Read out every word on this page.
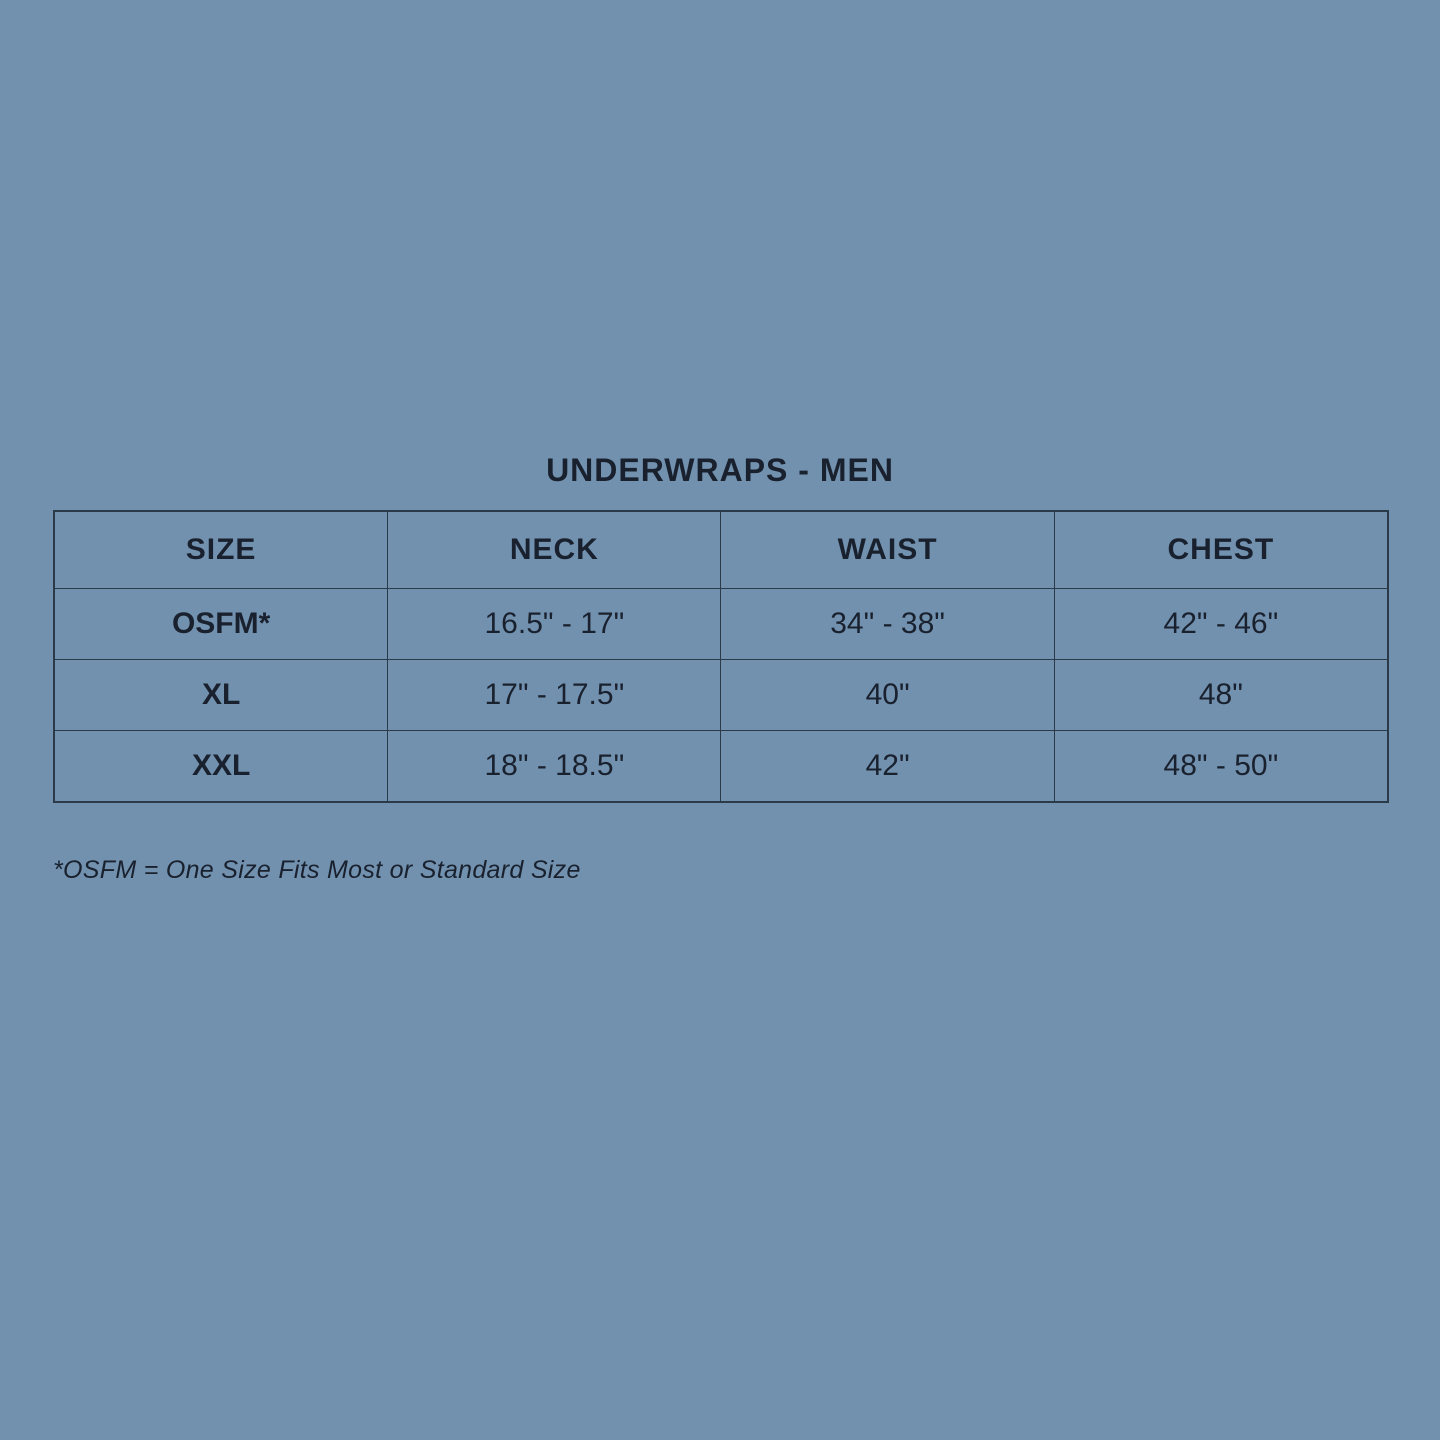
UNDERWRAPS - MEN
SIZE	NECK	WAIST	CHEST
OSFM*	16.5" - 17"	34" - 38"	42" - 46"
XL	17" - 17.5"	40"	48"
XXL	18" - 18.5"	42"	48" - 50"
*OSFM = One Size Fits Most or Standard Size
